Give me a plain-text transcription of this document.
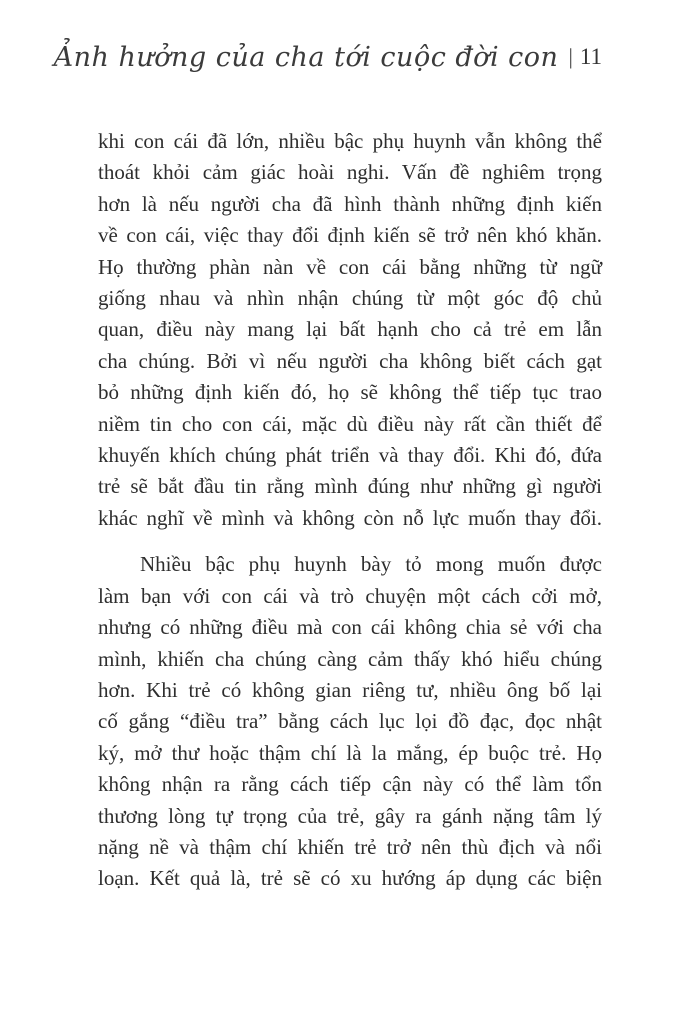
Ảnh hưởng của cha tới cuộc đời con | 11
khi con cái đã lớn, nhiều bậc phụ huynh vẫn không thể
thoát khỏi cảm giác hoài nghi. Vấn đề nghiêm trọng
hơn là nếu người cha đã hình thành những định kiến
về con cái, việc thay đổi định kiến sẽ trở nên khó khăn.
Họ thường phàn nàn về con cái bằng những từ ngữ
giống nhau và nhìn nhận chúng từ một góc độ chủ
quan, điều này mang lại bất hạnh cho cả trẻ em lẫn
cha chúng. Bởi vì nếu người cha không biết cách gạt
bỏ những định kiến đó, họ sẽ không thể tiếp tục trao
niềm tin cho con cái, mặc dù điều này rất cần thiết để
khuyến khích chúng phát triển và thay đổi. Khi đó, đứa
trẻ sẽ bắt đầu tin rằng mình đúng như những gì người
khác nghĩ về mình và không còn nỗ lực muốn thay đổi.
Nhiều bậc phụ huynh bày tỏ mong muốn được
làm bạn với con cái và trò chuyện một cách cởi mở,
nhưng có những điều mà con cái không chia sẻ với cha
mình, khiến cha chúng càng cảm thấy khó hiểu chúng
hơn. Khi trẻ có không gian riêng tư, nhiều ông bố lại
cố gắng “điều tra” bằng cách lục lọi đồ đạc, đọc nhật
ký, mở thư hoặc thậm chí là la mắng, ép buộc trẻ. Họ
không nhận ra rằng cách tiếp cận này có thể làm tổn
thương lòng tự trọng của trẻ, gây ra gánh nặng tâm lý
nặng nề và thậm chí khiến trẻ trở nên thù địch và nổi
loạn. Kết quả là, trẻ sẽ có xu hướng áp dụng các biện
